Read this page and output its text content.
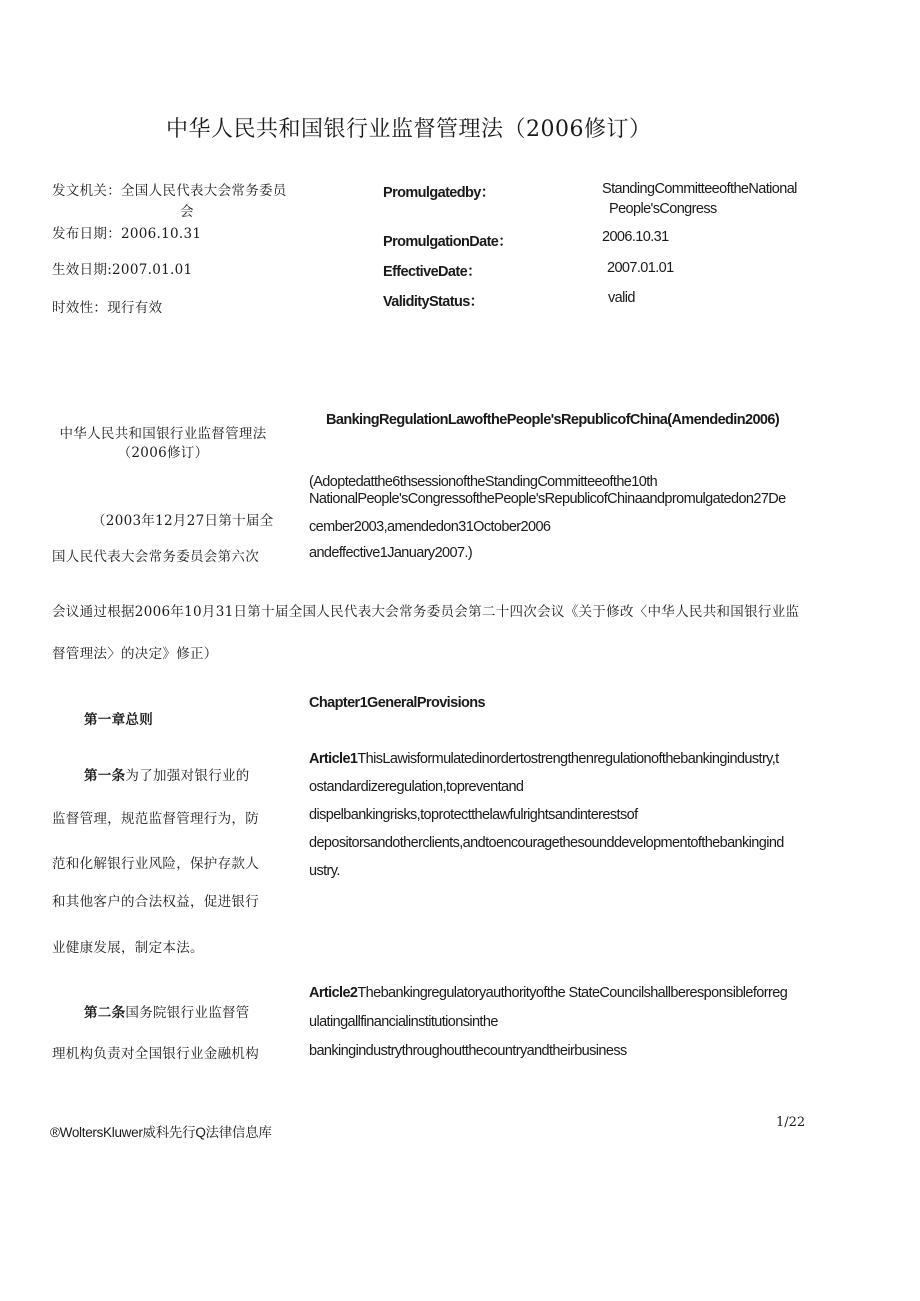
中华人民共和国银行业监督管理法（2006修订）
发文机关：全国人民代表大会常务委员
会
发布日期：2006.10.31
生效日期:2007.01.01
时效性：现行有效
Promulgatedby：	StandingCommitteeoftheNational
People'sCongress
PromulgationDate：	2006.10.31
EffectiveDate：	2007.01.01
ValidityStatus：	valid
中华人民共和国银行业监督管理法
（2006修订）
BankingRegulationLawofthePeople'sRepublicofChina(Amendedin2006)
（2003年12月27日第十届全
国人民代表大会常务委员会第六次
(Adoptedatthe6thsessionoftheStandingCommitteeofthe10th
NationalPeople'sCongressofthePeople'sRepublicofChinaandpromulgatedon27De
cember2003,amendedon31October2006
andeffective1January2007.)
会议通过根据2006年10月31日第十届全国人民代表大会常务委员会第二十四次会议《关于修改〈中华人民共和国银行业监
督管理法〉的决定》修正）
第一章总则
Chapter1GeneralProvisions
第一条为了加强对银行业的
监督管理，规范监督管理行为，防
范和化解银行业风险，保护存款人
和其他客户的合法权益，促进银行
业健康发展，制定本法。
Article1ThisLawisformulatedinordertostrengthenregulationofthebankingindustry,t
ostandardizeregulation,topreventand
dispelbankingrisks,toprotectthelawfulrightsandinterestsof
depositorsandotherclients,andtoencouragethesounddevelopmentofthebankingind
ustry.
第二条国务院银行业监督管
理机构负责对全国银行业金融机构
Article2Thebankingregulatoryauthorityofthe StateCouncilshallberesponsibleforreg
ulatingallfinancialinstitutionsinthe
bankingindustrythroughoutthecountryandtheirbusiness
®WoltersKluwer威科先行Q法律信息库
1/22
